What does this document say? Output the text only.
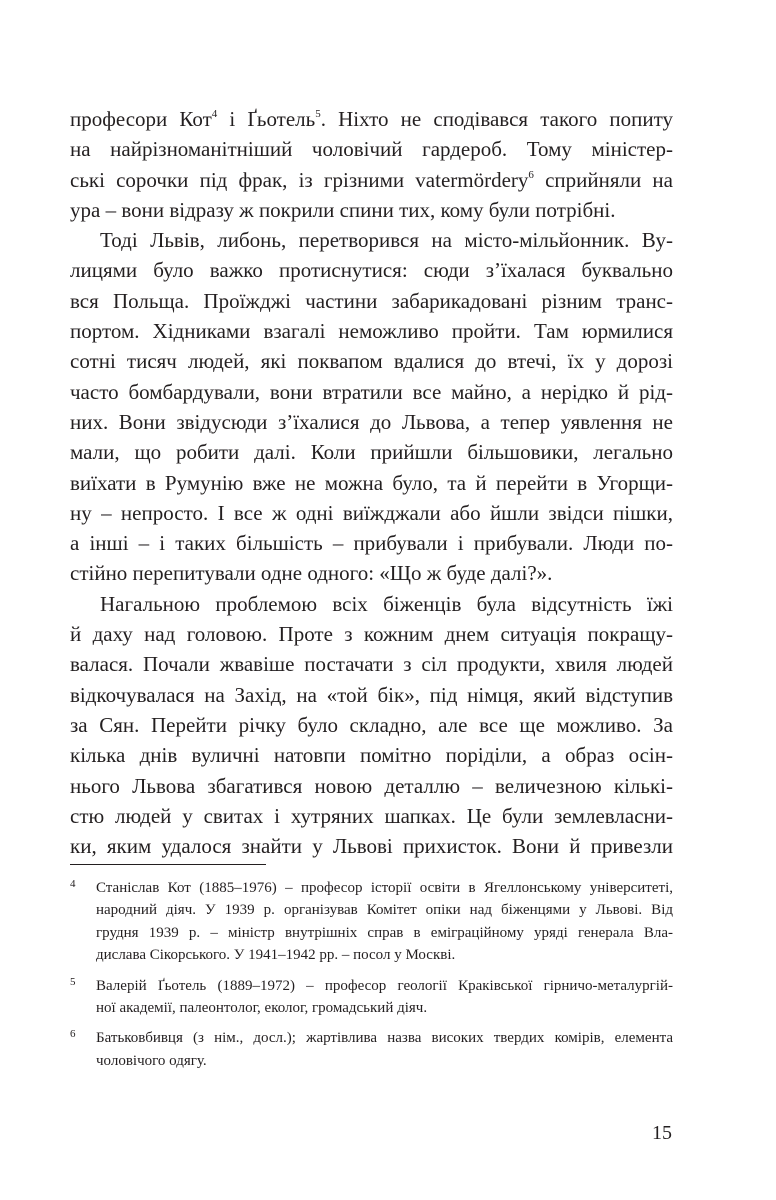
професори Кот$^4$ і Ґьотель$^5$. Ніхто не сподівався такого попиту
на найрізноманітніший чоловічий гардероб. Тому міністер-
ські сорочки під фрак, із грізними vatermördery$^6$ сприйняли на
ура – вони відразу ж покрили спини тих, кому були потрібні.
Тоді Львів, либонь, перетворився на місто-мільйонник. Ву-
лицями було важко протиснутися: сюди з’їхалася буквально
вся Польща. Проїжджі частини забарикадовані різним транс-
портом. Хідниками взагалі неможливо пройти. Там юрмилися
сотні тисяч людей, які поквапом вдалися до втечі, їх у дорозі
часто бомбардували, вони втратили все майно, а нерідко й рід-
них. Вони звідусюди з’їхалися до Львова, а тепер уявлення не
мали, що робити далі. Коли прийшли більшовики, легально
виїхати в Румунію вже не можна було, та й перейти в Угорщи-
ну – непросто. І все ж одні виїжджали або йшли звідси пішки,
а інші – і таких більшість – прибували і прибували. Люди по-
стійно перепитували одне одного: «Що ж буде далі?».
Нагальною проблемою всіх біженців була відсутність їжі
й даху над головою. Проте з кожним днем ситуація покращу-
валася. Почали жвавіше постачати з сіл продукти, хвиля людей
відкочувалася на Захід, на «той бік», під німця, який відступив
за Сян. Перейти річку було складно, але все ще можливо. За
кілька днів вуличні натовпи помітно поріділи, а образ осін-
нього Львова збагатився новою деталлю – величезною кількі-
стю людей у свитах і хутряних шапках. Це були землевласни-
ки, яким удалося знайти у Львові прихисток. Вони й привезли
4 Станіслав Кот (1885–1976) – професор історії освіти в Ягеллонському університеті,
народний діяч. У 1939 р. організував Комітет опіки над біженцями у Львові. Від
грудня 1939 р. – міністр внутрішніх справ в еміграційному уряді генерала Вла-
дислава Сікорського. У 1941–1942 рр. – посол у Москві.
5 Валерій Ґьотель (1889–1972) – професор геології Краківської гірничо-металургій-
ної академії, палеонтолог, еколог, громадський діяч.
6 Батьковбивця (з нім., досл.); жартівлива назва високих твердих комірів, елемента
чоловічого одягу.
15
